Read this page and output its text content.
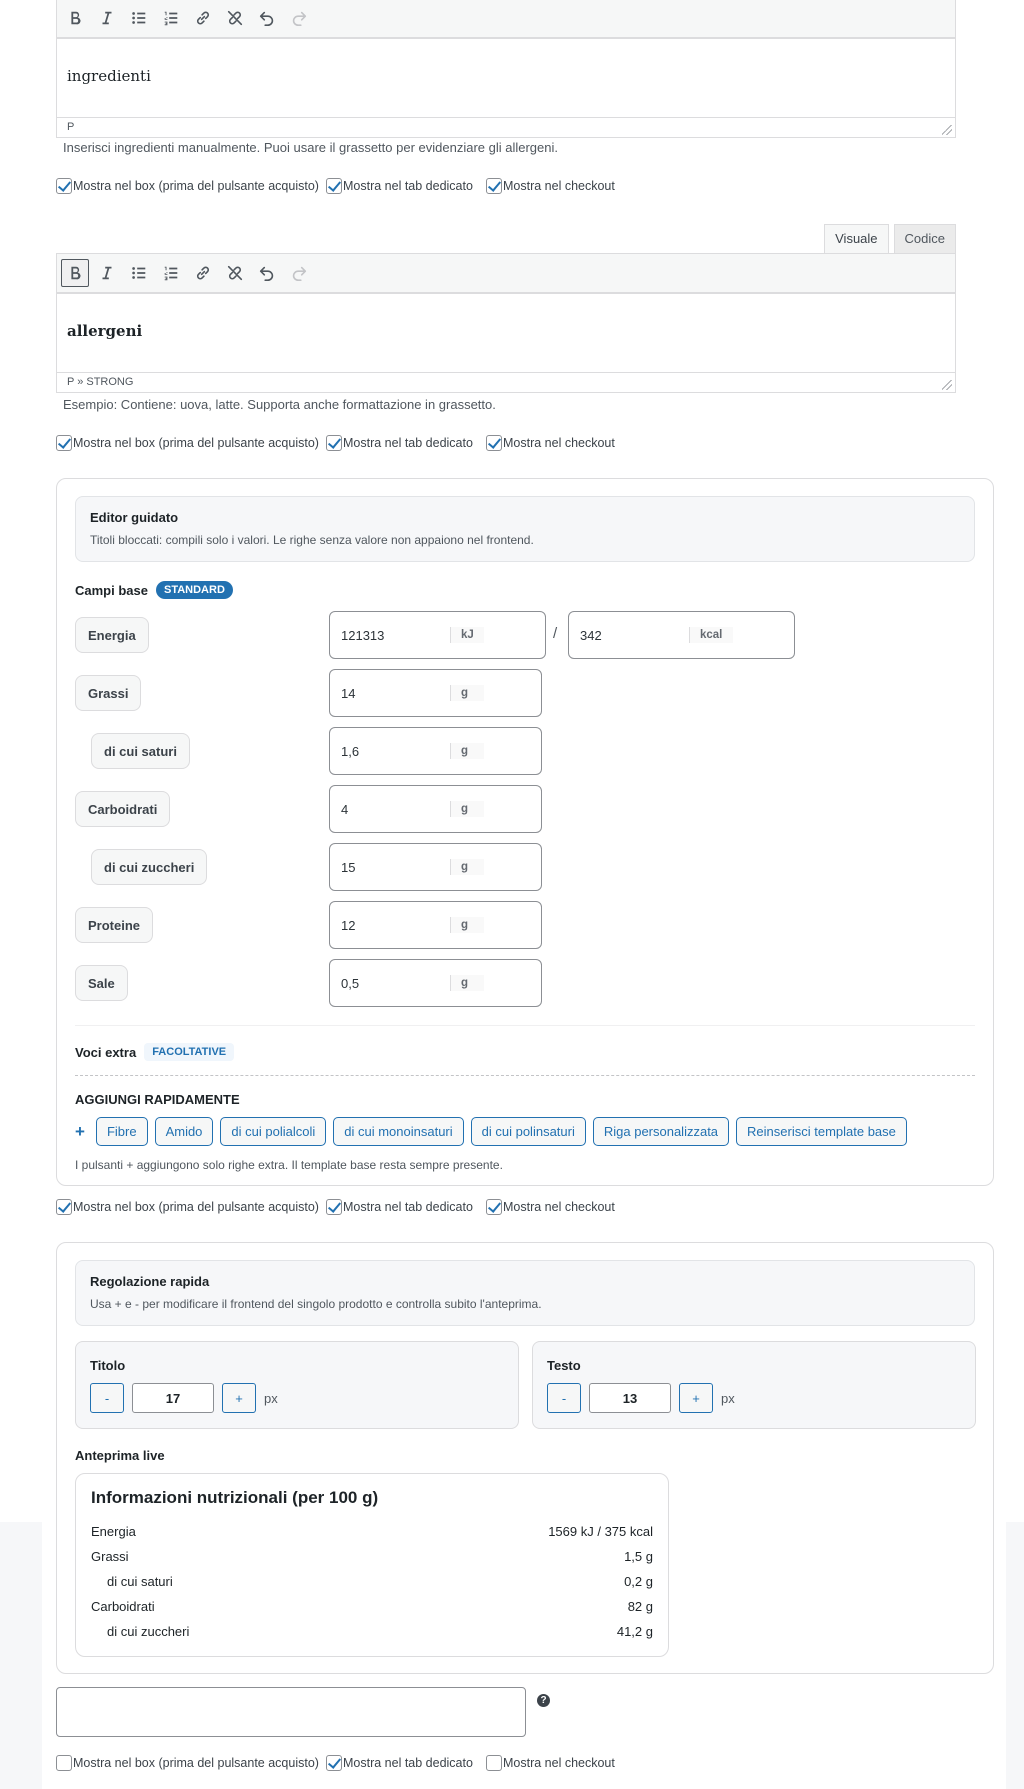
ingredienti
P
Inserisci ingredienti manualmente. Puoi usare il grassetto per evidenziare gli allergeni.
Mostra nel box (prima del pulsante acquisto) Mostra nel tab dedicato Mostra nel checkout
Visuale	Codice
allergeni
P » STRONG
Esempio: Contiene: uova, latte. Supporta anche formattazione in grassetto.
Mostra nel box (prima del pulsante acquisto) Mostra nel tab dedicato Mostra nel checkout
Editor guidato
Titoli bloccati: compili solo i valori. Le righe senza valore non appaiono nel frontend.
Campi base	STANDARD
Energia	121313	kJ	/	342	kcal
Grassi	14	g
di cui saturi	1,6	g
Carboidrati	4	g
di cui zuccheri	15	g
Proteine	12	g
Sale	0,5	g
Voci extra	FACOLTATIVE
AGGIUNGI RAPIDAMENTE
+	Fibre	Amido	di cui polialcoli	di cui monoinsaturi	di cui polinsaturi	Riga personalizzata	Reinserisci template base
I pulsanti + aggiungono solo righe extra. Il template base resta sempre presente.
Mostra nel box (prima del pulsante acquisto) Mostra nel tab dedicato Mostra nel checkout
Regolazione rapida
Usa + e - per modificare il frontend del singolo prodotto e controlla subito l'anteprima.
Titolo
-	17	+	px
Testo
-	13	+	px
Anteprima live
Informazioni nutrizionali (per 100 g)
Energia	1569 kJ / 375 kcal
Grassi	1,5 g
di cui saturi	0,2 g
Carboidrati	82 g
di cui zuccheri	41,2 g
?
Mostra nel box (prima del pulsante acquisto) Mostra nel tab dedicato Mostra nel checkout
